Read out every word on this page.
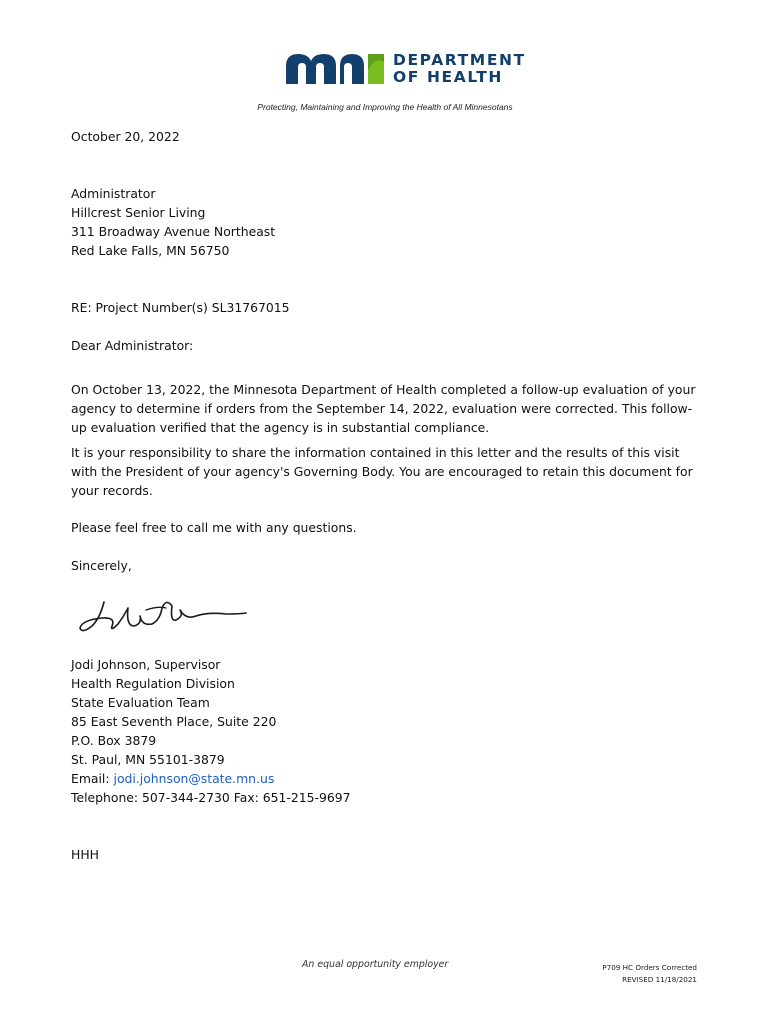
DEPARTMENT
OF HEALTH
Protecting, Maintaining and Improving the Health of All Minnesotans

October 20, 2022

Administrator

Hillcrest Senior Living

311 Broadway Avenue Northeast

Red Lake Falls, MN 56750

RE: Project Number(s) SL31767015

Dear Administrator:

On October 13, 2022, the Minnesota Department of Health completed a follow-up evaluation of your agency to determine if orders from the September 14, 2022, evaluation were corrected. This follow-up evaluation verified that the agency is in substantial compliance.

It is your responsibility to share the information contained in this letter and the results of this visit with the President of your agency's Governing Body. You are encouraged to retain this document for your records.

Please feel free to call me with any questions.

Sincerely,

Jodi Johnson, Supervisor

Health Regulation Division

State Evaluation Team

85 East Seventh Place, Suite 220

P.O. Box 3879

St. Paul, MN 55101-3879

Email: jodi.johnson@state.mn.us

Telephone: 507-344-2730 Fax: 651-215-9697

HHH

An equal opportunity employer	P709 HC Orders Corrected
REVISED 11/18/2021
